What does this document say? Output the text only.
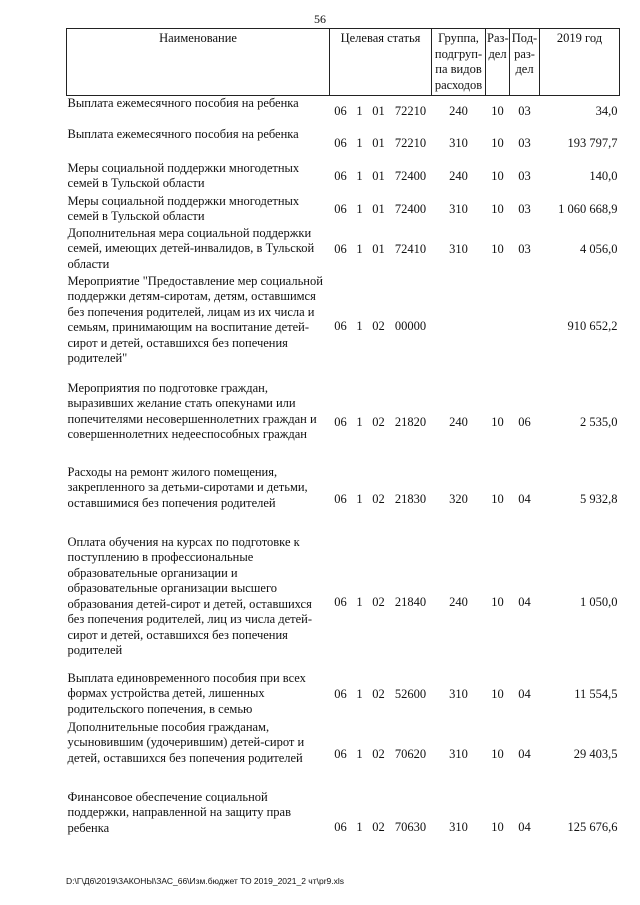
56
Наименование	Целевая статья				Группа, подгруп-па видов расходов	Раз-дел	Под-раз-дел	2019 год
Выплата ежемесячного пособия на ребенка	06	1	01	72210	240	10	03	34,0
Выплата ежемесячного пособия на ребенка	06	1	01	72210	310	10	03	193 797,7
Меры социальной поддержки многодетных семей в Тульской области	06	1	01	72400	240	10	03	140,0
Меры социальной поддержки многодетных семей в Тульской области	06	1	01	72400	310	10	03	1 060 668,9
Дополнительная мера социальной поддержки семей, имеющих детей-инвалидов, в Тульской области	06	1	01	72410	310	10	03	4 056,0
Мероприятие "Предоставление мер социальной поддержки детям-сиротам, детям, оставшимся без попечения родителей, лицам из их числа и семьям, принимающим на воспитание детей-сирот и детей, оставшихся без попечения родителей"	06	1	02	00000				910 652,2
Мероприятия по подготовке граждан, выразивших желание стать опекунами или попечителями несовершеннолетних граждан и совершеннолетних недееспособных граждан	06	1	02	21820	240	10	06	2 535,0
Расходы на ремонт жилого помещения, закрепленного за детьми-сиротами и детьми, оставшимися без попечения родителей	06	1	02	21830	320	10	04	5 932,8
Оплата обучения на курсах по подготовке к поступлению в профессиональные образовательные организации и образовательные организации высшего образования детей-сирот и детей, оставшихся без попечения родителей, лиц из числа детей-сирот и детей, оставшихся без попечения родителей	06	1	02	21840	240	10	04	1 050,0
Выплата единовременного пособия при всех формах устройства детей, лишенных родительского попечения, в семью	06	1	02	52600	310	10	04	11 554,5
Дополнительные пособия гражданам, усыновившим (удочерившим) детей-сирот и детей, оставшихся без попечения родителей	06	1	02	70620	310	10	04	29 403,5
Финансовое обеспечение социальной поддержки, направленной на защиту прав ребенка	06	1	02	70630	310	10	04	125 676,6
D:\Г\Д6\2019\ЗАКОНЫ\ЗАС_66\Изм.бюджет ТО 2019_2021_2 чт\pr9.xls
